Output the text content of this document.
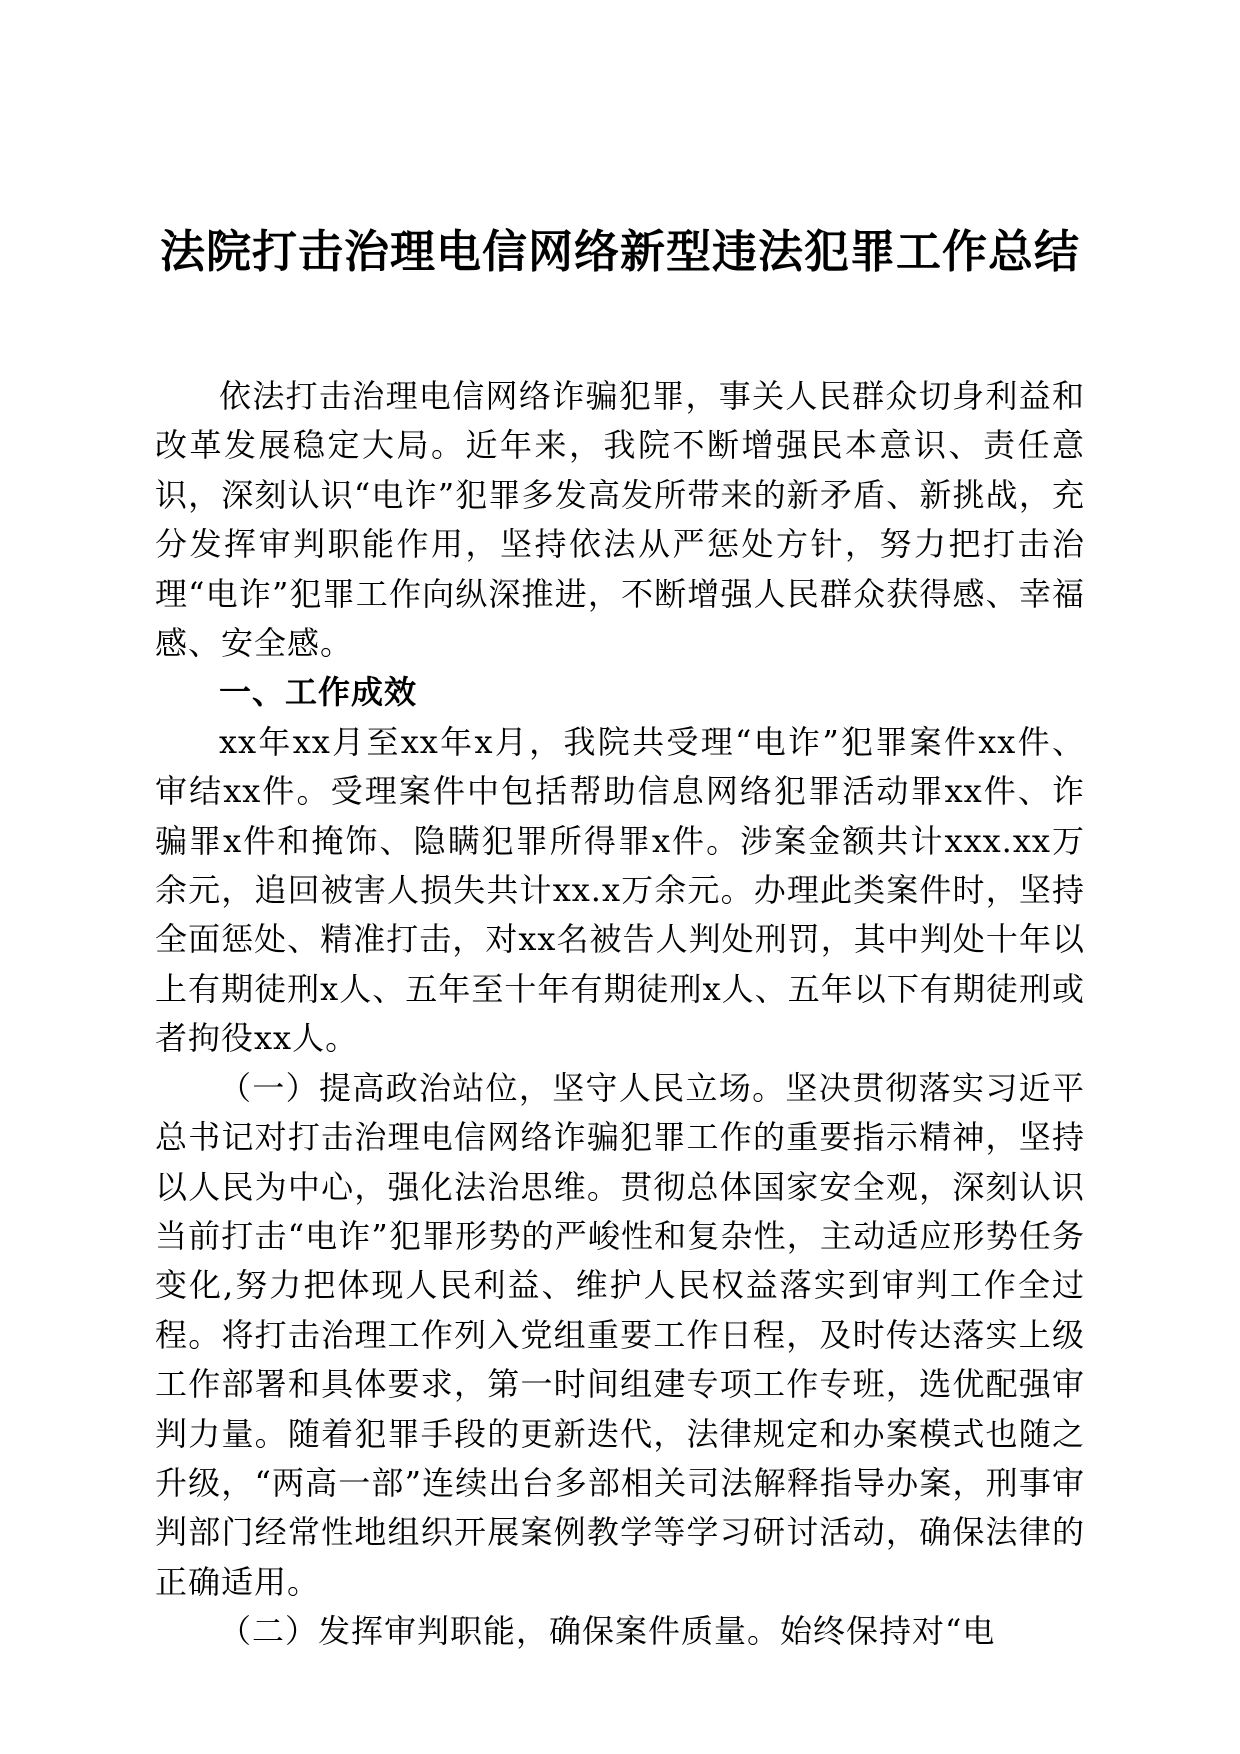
法院打击治理电信网络新型违法犯罪工作总结

依法打击治理电信网络诈骗犯罪，事关人民群众切身利益和改革发展稳定大局。近年来，我院不断增强民本意识、责任意识，深刻认识“电诈”犯罪多发高发所带来的新矛盾、新挑战，充分发挥审判职能作用，坚持依法从严惩处方针，努力把打击治理“电诈”犯罪工作向纵深推进，不断增强人民群众获得感、幸福感、安全感。

一、工作成效

xx年xx月至xx年x月，我院共受理“电诈”犯罪案件xx件、审结xx件。受理案件中包括帮助信息网络犯罪活动罪xx件、诈骗罪x件和掩饰、隐瞒犯罪所得罪x件。涉案金额共计xxx.xx万余元，追回被害人损失共计xx.x万余元。办理此类案件时，坚持全面惩处、精准打击，对xx名被告人判处刑罚，其中判处十年以上有期徒刑x人、五年至十年有期徒刑x人、五年以下有期徒刑或者拘役xx人。

（一）提高政治站位，坚守人民立场。坚决贯彻落实习近平总书记对打击治理电信网络诈骗犯罪工作的重要指示精神，坚持以人民为中心，强化法治思维。贯彻总体国家安全观，深刻认识当前打击“电诈”犯罪形势的严峻性和复杂性，主动适应形势任务变化,努力把体现人民利益、维护人民权益落实到审判工作全过程。将打击治理工作列入党组重要工作日程，及时传达落实上级工作部署和具体要求，第一时间组建专项工作专班，选优配强审判力量。随着犯罪手段的更新迭代，法律规定和办案模式也随之升级，“两高一部”连续出台多部相关司法解释指导办案，刑事审判部门经常性地组织开展案例教学等学习研讨活动，确保法律的正确适用。

（二）发挥审判职能，确保案件质量。始终保持对“电
